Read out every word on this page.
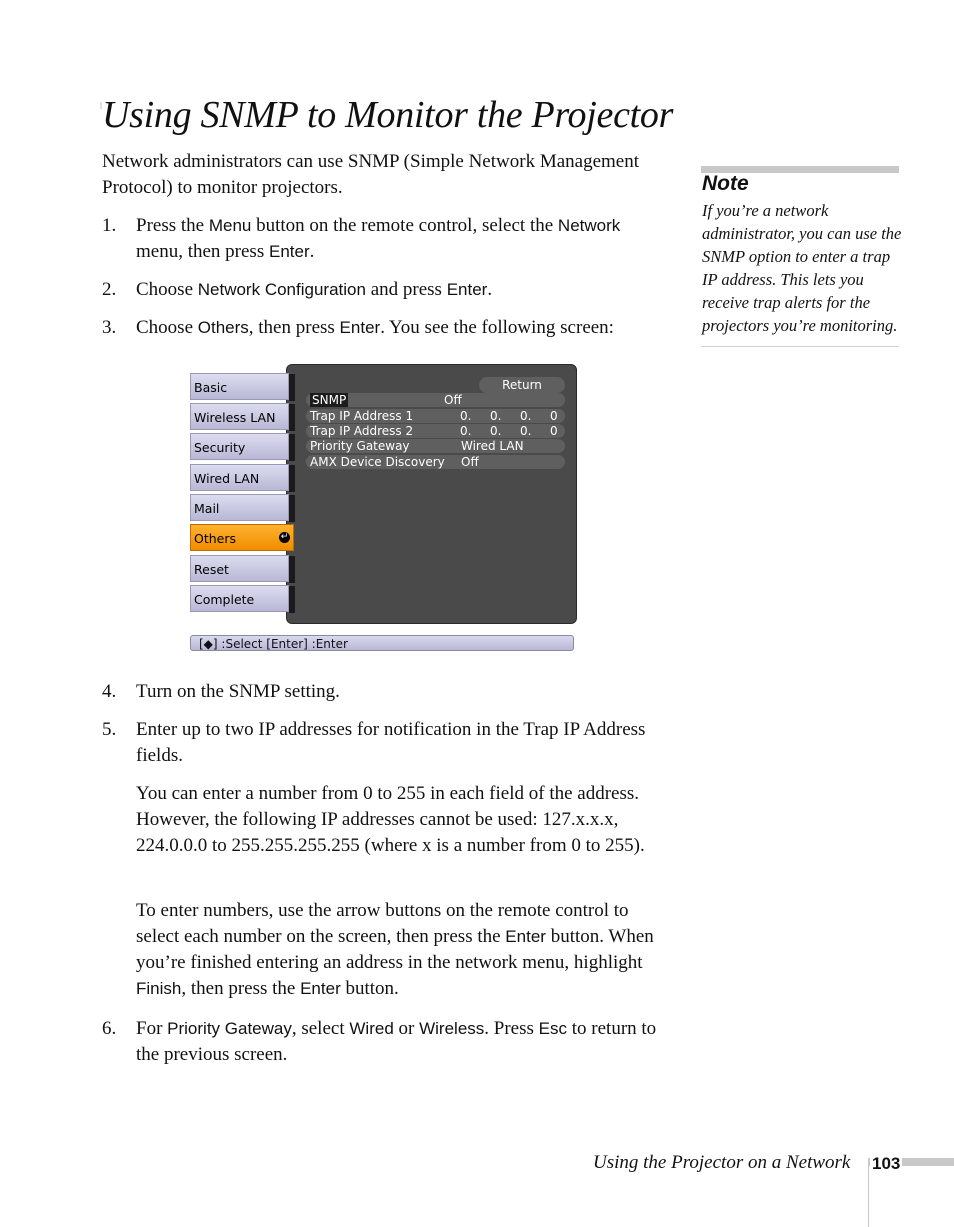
Using SNMP to Monitor the Projector
Network administrators can use SNMP (Simple Network Management Protocol) to monitor projectors.
1. Press the Menu button on the remote control, select the Network menu, then press Enter.
2. Choose Network Configuration and press Enter.
3. Choose Others, then press Enter. You see the following screen:
Basic
Wireless LAN
Security
Wired LAN
Mail
Others	↵
Reset
Complete
Return
SNMP	Off
Trap IP Address 1	0. 0. 0. 0
Trap IP Address 2	0. 0. 0. 0
Priority Gateway	Wired LAN
AMX Device Discovery Off
[◆] :Select [Enter] :Enter
4. Turn on the SNMP setting.
5. Enter up to two IP addresses for notification in the Trap IP Address fields.
You can enter a number from 0 to 255 in each field of the address. However, the following IP addresses cannot be used: 127.x.x.x, 224.0.0.0 to 255.255.255.255 (where x is a number from 0 to 255).
To enter numbers, use the arrow buttons on the remote control to select each number on the screen, then press the Enter button. When you’re finished entering an address in the network menu, highlight Finish, then press the Enter button.
6. For Priority Gateway, select Wired or Wireless. Press Esc to return to the previous screen.
Note
If you’re a network administrator, you can use the SNMP option to enter a trap IP address. This lets you receive trap alerts for the projectors you’re monitoring.
Using the Projector on a Network 103
